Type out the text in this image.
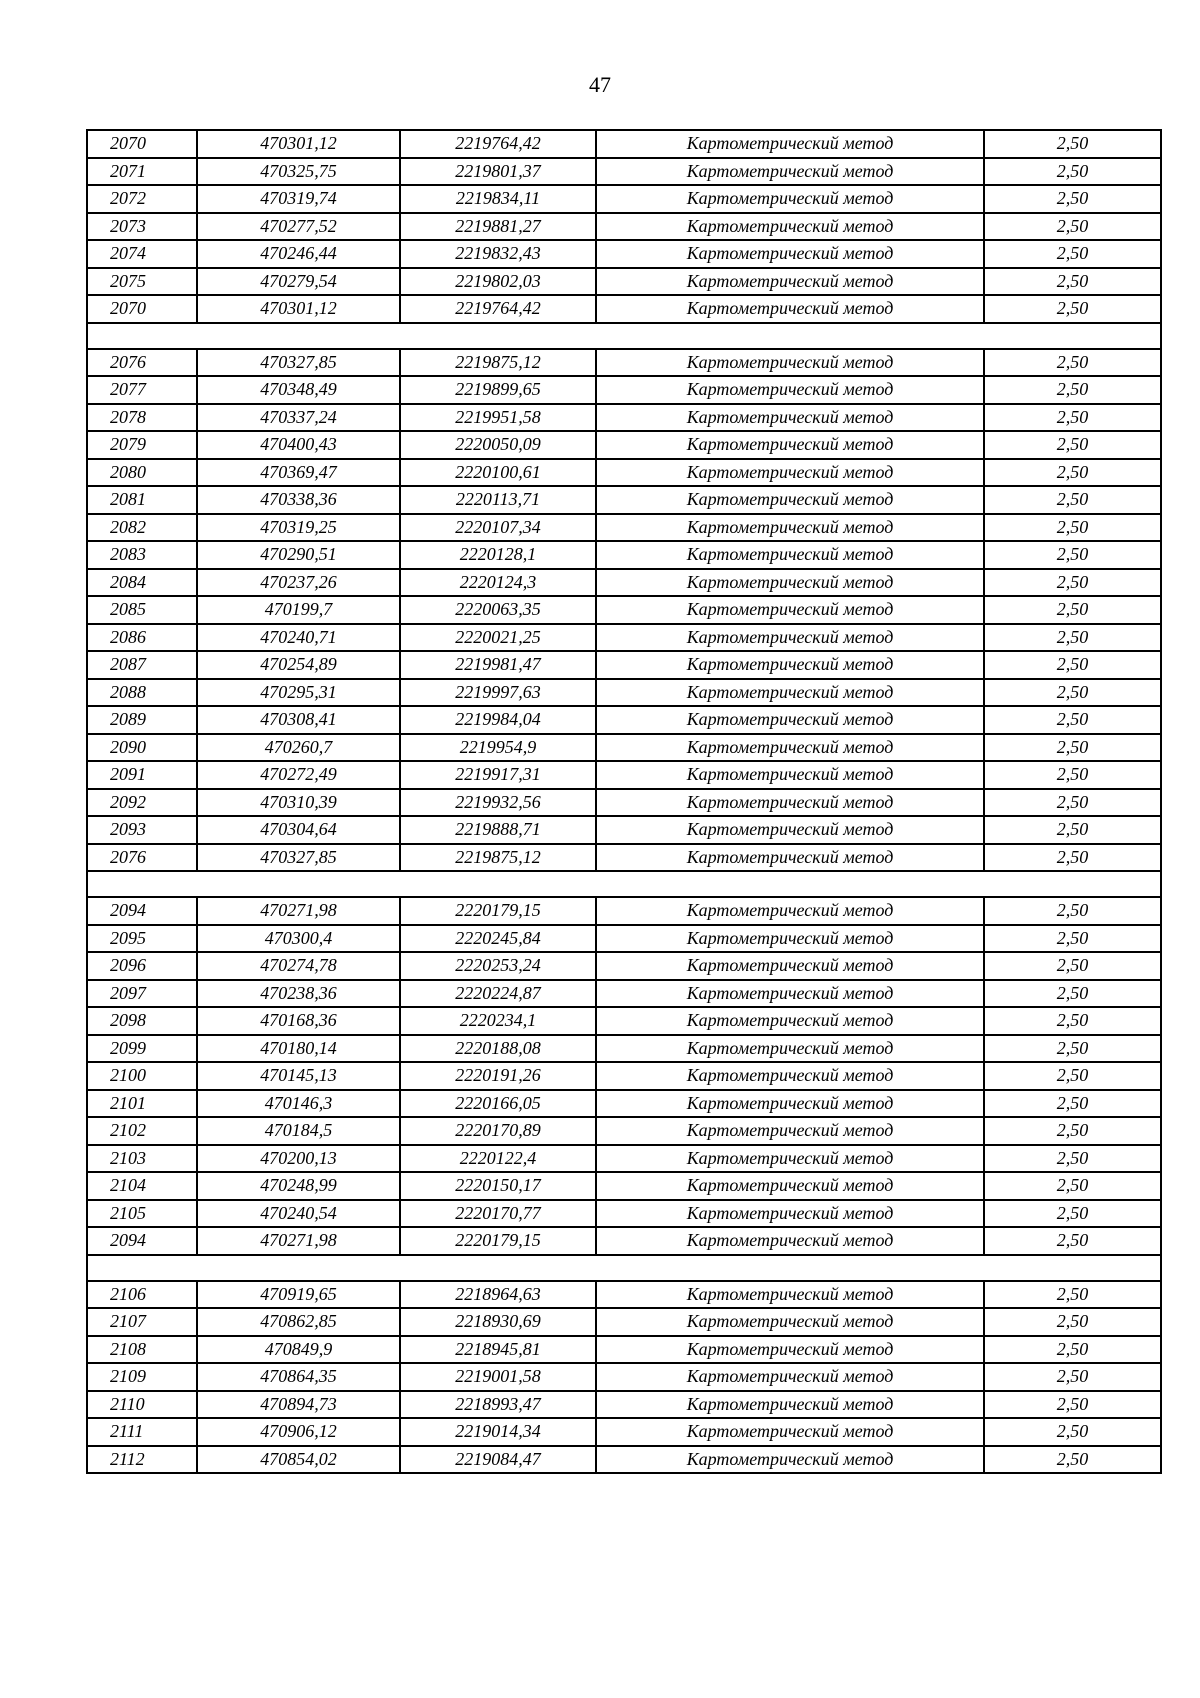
47
2070	470301,12	2219764,42	Картометрический метод	2,50
2071	470325,75	2219801,37	Картометрический метод	2,50
2072	470319,74	2219834,11	Картометрический метод	2,50
2073	470277,52	2219881,27	Картометрический метод	2,50
2074	470246,44	2219832,43	Картометрический метод	2,50
2075	470279,54	2219802,03	Картометрический метод	2,50
2070	470301,12	2219764,42	Картометрический метод	2,50

2076	470327,85	2219875,12	Картометрический метод	2,50
2077	470348,49	2219899,65	Картометрический метод	2,50
2078	470337,24	2219951,58	Картометрический метод	2,50
2079	470400,43	2220050,09	Картометрический метод	2,50
2080	470369,47	2220100,61	Картометрический метод	2,50
2081	470338,36	2220113,71	Картометрический метод	2,50
2082	470319,25	2220107,34	Картометрический метод	2,50
2083	470290,51	2220128,1	Картометрический метод	2,50
2084	470237,26	2220124,3	Картометрический метод	2,50
2085	470199,7	2220063,35	Картометрический метод	2,50
2086	470240,71	2220021,25	Картометрический метод	2,50
2087	470254,89	2219981,47	Картометрический метод	2,50
2088	470295,31	2219997,63	Картометрический метод	2,50
2089	470308,41	2219984,04	Картометрический метод	2,50
2090	470260,7	2219954,9	Картометрический метод	2,50
2091	470272,49	2219917,31	Картометрический метод	2,50
2092	470310,39	2219932,56	Картометрический метод	2,50
2093	470304,64	2219888,71	Картометрический метод	2,50
2076	470327,85	2219875,12	Картометрический метод	2,50

2094	470271,98	2220179,15	Картометрический метод	2,50
2095	470300,4	2220245,84	Картометрический метод	2,50
2096	470274,78	2220253,24	Картометрический метод	2,50
2097	470238,36	2220224,87	Картометрический метод	2,50
2098	470168,36	2220234,1	Картометрический метод	2,50
2099	470180,14	2220188,08	Картометрический метод	2,50
2100	470145,13	2220191,26	Картометрический метод	2,50
2101	470146,3	2220166,05	Картометрический метод	2,50
2102	470184,5	2220170,89	Картометрический метод	2,50
2103	470200,13	2220122,4	Картометрический метод	2,50
2104	470248,99	2220150,17	Картометрический метод	2,50
2105	470240,54	2220170,77	Картометрический метод	2,50
2094	470271,98	2220179,15	Картометрический метод	2,50

2106	470919,65	2218964,63	Картометрический метод	2,50
2107	470862,85	2218930,69	Картометрический метод	2,50
2108	470849,9	2218945,81	Картометрический метод	2,50
2109	470864,35	2219001,58	Картометрический метод	2,50
2110	470894,73	2218993,47	Картометрический метод	2,50
2111	470906,12	2219014,34	Картометрический метод	2,50
2112	470854,02	2219084,47	Картометрический метод	2,50
